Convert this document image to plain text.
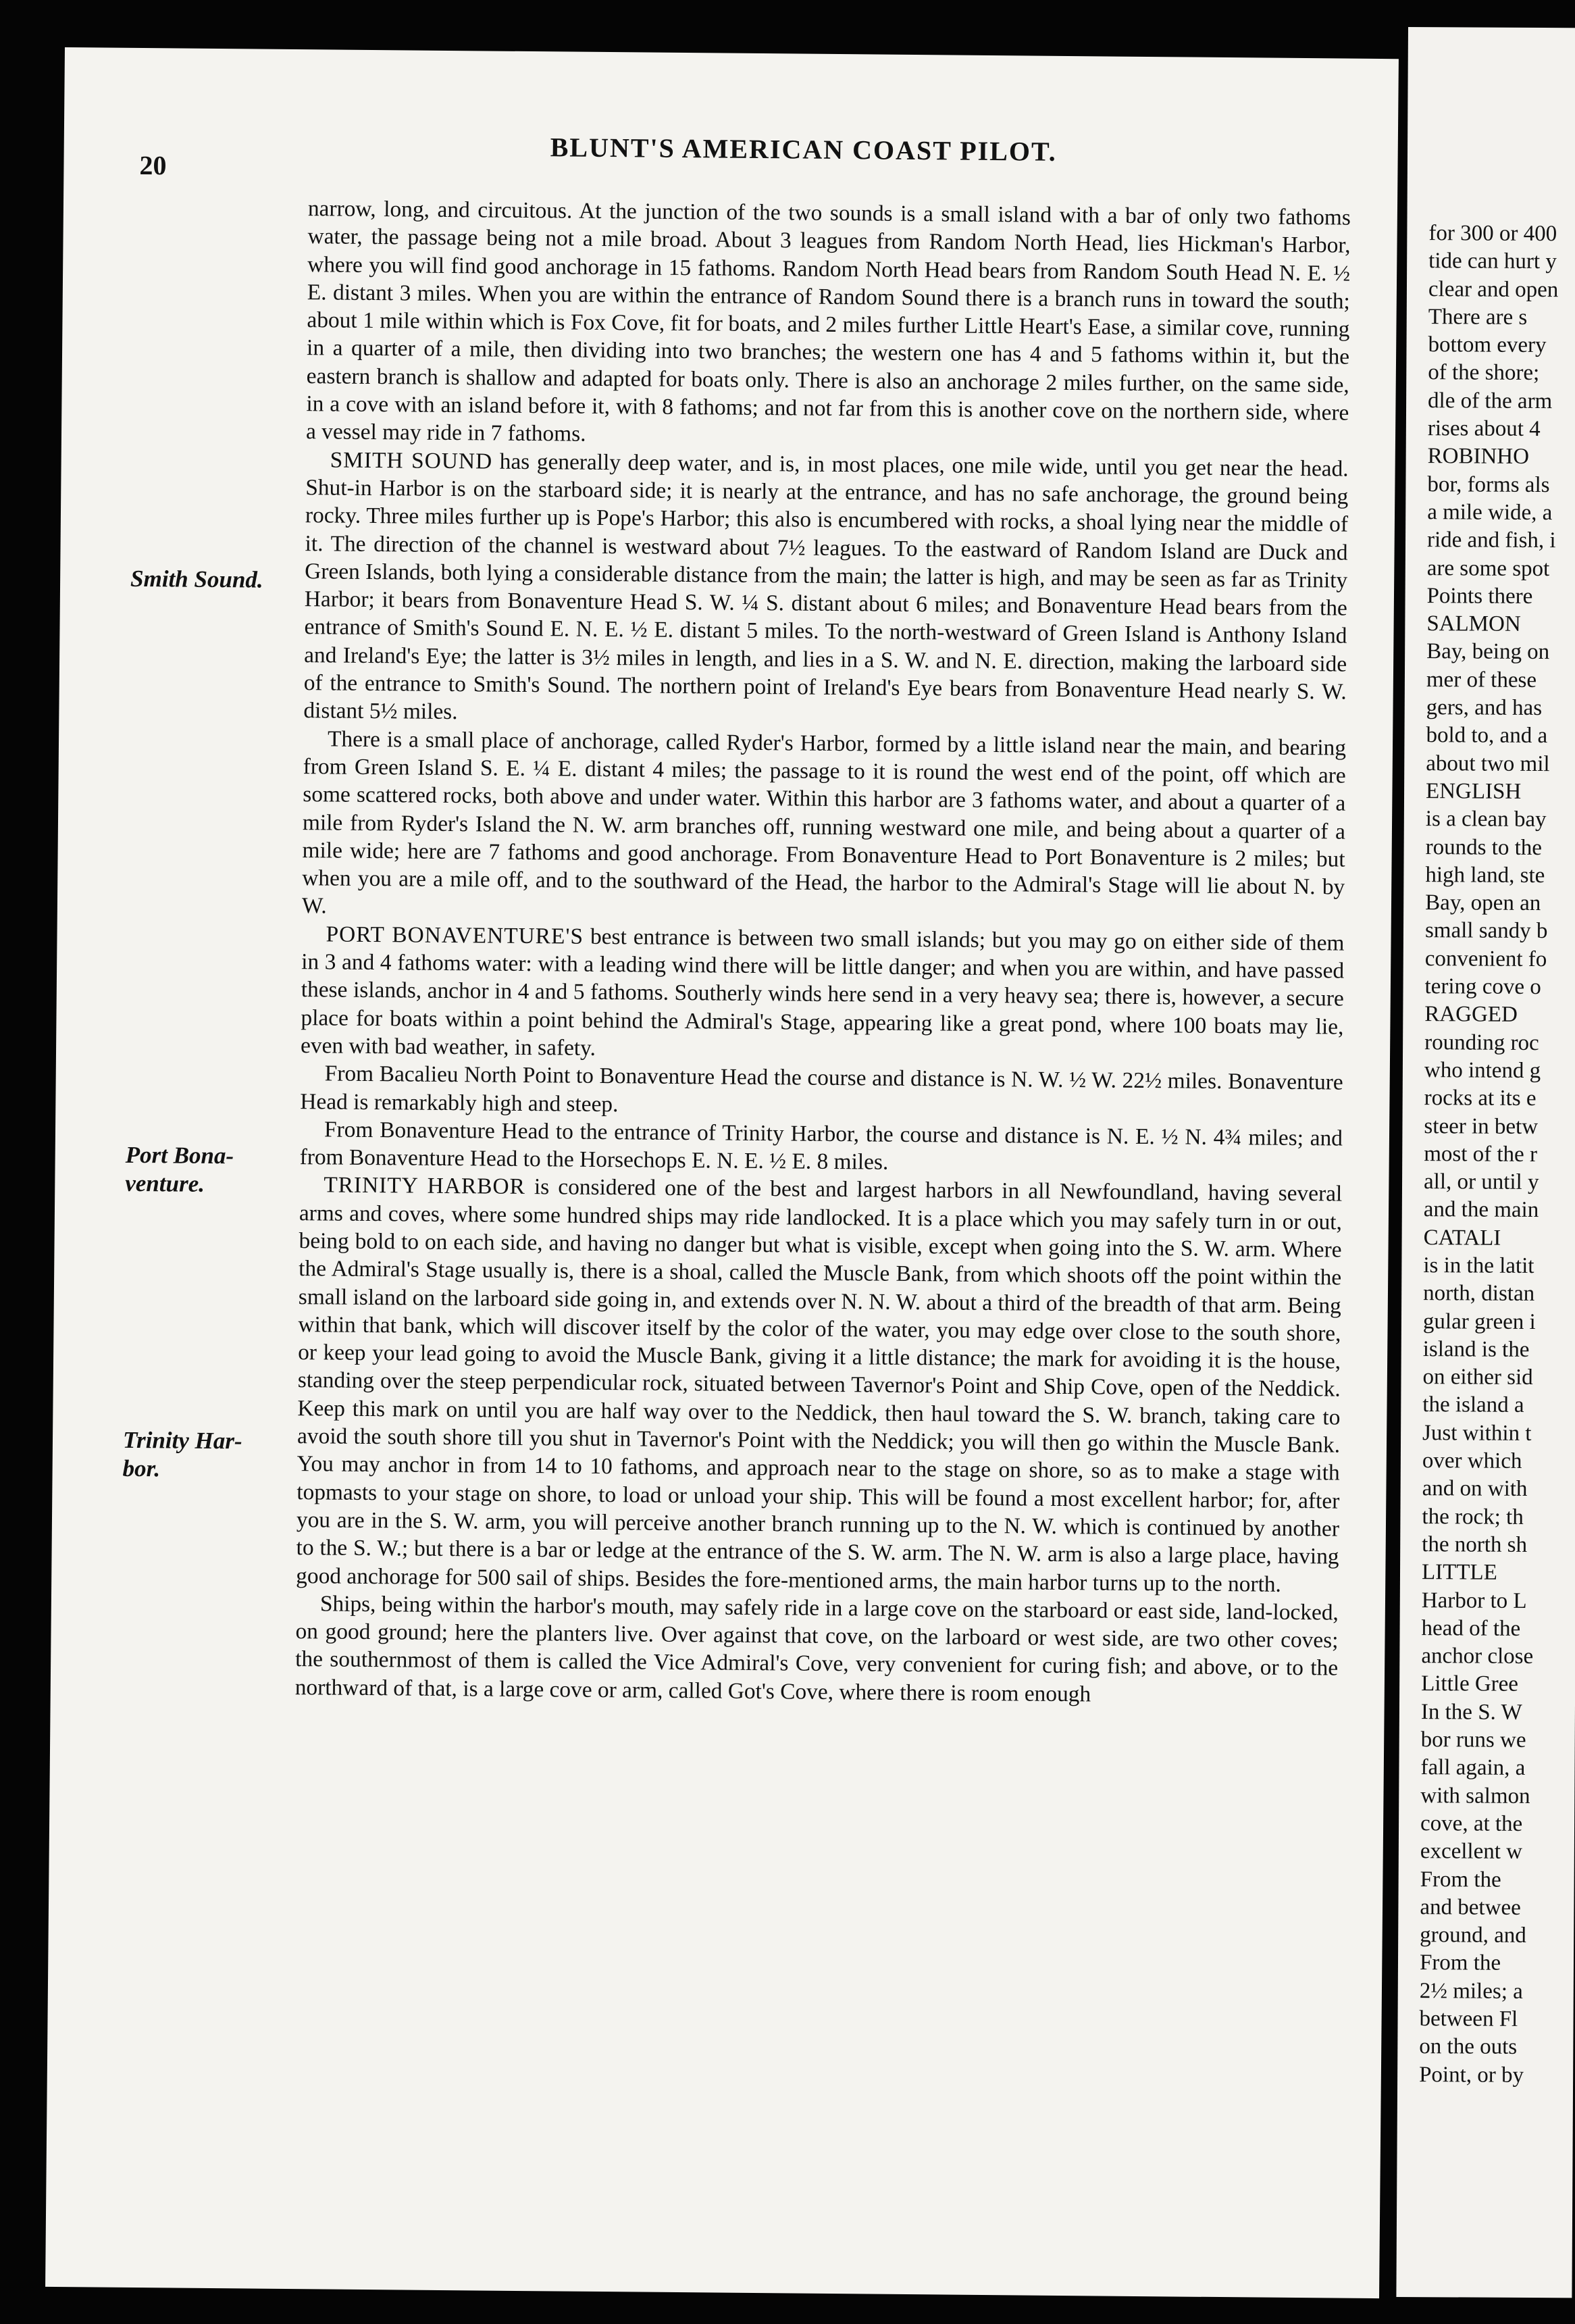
20	BLUNT'S AMERICAN COAST PILOT.
Smith Sound.
Port Bona-
venture.
Trinity Har-
bor.

narrow, long, and circuitous. At the junction of the two sounds is a small island with a bar of only two fathoms water, the passage being not a mile broad. About 3 leagues from Random North Head, lies Hickman's Harbor, where you will find good anchorage in 15 fathoms. Random North Head bears from Random South Head N. E. ½ E. distant 3 miles. When you are within the entrance of Random Sound there is a branch runs in toward the south; about 1 mile within which is Fox Cove, fit for boats, and 2 miles further Little Heart's Ease, a similar cove, running in a quarter of a mile, then dividing into two branches; the western one has 4 and 5 fathoms within it, but the eastern branch is shallow and adapted for boats only. There is also an anchorage 2 miles further, on the same side, in a cove with an island before it, with 8 fathoms; and not far from this is another cove on the northern side, where a vessel may ride in 7 fathoms.

SMITH SOUND has generally deep water, and is, in most places, one mile wide, until you get near the head. Shut-in Harbor is on the starboard side; it is nearly at the entrance, and has no safe anchorage, the ground being rocky. Three miles further up is Pope's Harbor; this also is encumbered with rocks, a shoal lying near the middle of it. The direction of the channel is westward about 7½ leagues. To the eastward of Random Island are Duck and Green Islands, both lying a considerable distance from the main; the latter is high, and may be seen as far as Trinity Harbor; it bears from Bonaventure Head S. W. ¼ S. distant about 6 miles; and Bonaventure Head bears from the entrance of Smith's Sound E. N. E. ½ E. distant 5 miles. To the north-westward of Green Island is Anthony Island and Ireland's Eye; the latter is 3½ miles in length, and lies in a S. W. and N. E. direction, making the larboard side of the entrance to Smith's Sound. The northern point of Ireland's Eye bears from Bonaventure Head nearly S. W. distant 5½ miles.

There is a small place of anchorage, called Ryder's Harbor, formed by a little island near the main, and bearing from Green Island S. E. ¼ E. distant 4 miles; the passage to it is round the west end of the point, off which are some scattered rocks, both above and under water. Within this harbor are 3 fathoms water, and about a quarter of a mile from Ryder's Island the N. W. arm branches off, running westward one mile, and being about a quarter of a mile wide; here are 7 fathoms and good anchorage. From Bonaventure Head to Port Bonaventure is 2 miles; but when you are a mile off, and to the southward of the Head, the harbor to the Admiral's Stage will lie about N. by W.

PORT BONAVENTURE'S best entrance is between two small islands; but you may go on either side of them in 3 and 4 fathoms water: with a leading wind there will be little danger; and when you are within, and have passed these islands, anchor in 4 and 5 fathoms. Southerly winds here send in a very heavy sea; there is, however, a secure place for boats within a point behind the Admiral's Stage, appearing like a great pond, where 100 boats may lie, even with bad weather, in safety.

From Bacalieu North Point to Bonaventure Head the course and distance is N. W. ½ W. 22½ miles. Bonaventure Head is remarkably high and steep.

From Bonaventure Head to the entrance of Trinity Harbor, the course and distance is N. E. ½ N. 4¾ miles; and from Bonaventure Head to the Horsechops E. N. E. ½ E. 8 miles.

TRINITY HARBOR is considered one of the best and largest harbors in all Newfoundland, having several arms and coves, where some hundred ships may ride landlocked. It is a place which you may safely turn in or out, being bold to on each side, and having no danger but what is visible, except when going into the S. W. arm. Where the Admiral's Stage usually is, there is a shoal, called the Muscle Bank, from which shoots off the point within the small island on the larboard side going in, and extends over N. N. W. about a third of the breadth of that arm. Being within that bank, which will discover itself by the color of the water, you may edge over close to the south shore, or keep your lead going to avoid the Muscle Bank, giving it a little distance; the mark for avoiding it is the house, standing over the steep perpendicular rock, situated between Tavernor's Point and Ship Cove, open of the Neddick. Keep this mark on until you are half way over to the Neddick, then haul toward the S. W. branch, taking care to avoid the south shore till you shut in Tavernor's Point with the Neddick; you will then go within the Muscle Bank. You may anchor in from 14 to 10 fathoms, and approach near to the stage on shore, so as to make a stage with topmasts to your stage on shore, to load or unload your ship. This will be found a most excellent harbor; for, after you are in the S. W. arm, you will perceive another branch running up to the N. W. which is continued by another to the S. W.; but there is a bar or ledge at the entrance of the S. W. arm. The N. W. arm is also a large place, having good anchorage for 500 sail of ships. Besides the fore-mentioned arms, the main harbor turns up to the north.

Ships, being within the harbor's mouth, may safely ride in a large cove on the starboard or east side, land-locked, on good ground; here the planters live. Over against that cove, on the larboard or west side, are two other coves; the southernmost of them is called the Vice Admiral's Cove, very convenient for curing fish; and above, or to the northward of that, is a large cove or arm, called Got's Cove, where there is room enough

for 300 or 400
tide can hurt y
clear and open
There are s
bottom every
of the shore;
dle of the arm
rises about 4
ROBINHO
bor, forms als
a mile wide, a
ride and fish, i
are some spot
Points there
SALMON
Bay, being on
mer of these
gers, and has
bold to, and a
about two mil
ENGLISH
is a clean bay
rounds to the
high land, ste
Bay, open an
small sandy b
convenient fo
tering cove o
RAGGED
rounding roc
who intend g
rocks at its e
steer in betw
most of the r
all, or until y
and the main
CATALI
is in the latit
north, distan
gular green i
island is the
on either sid
the island a
Just within t
over which
and on with
the rock; th
the north sh
LITTLE
Harbor to L
head of the
anchor close
Little Gree
In the S. W
bor runs we
fall again, a
with salmon
cove, at the
excellent w
From the
and betwee
ground, and
From the
2½ miles; a
between Fl
on the outs
Point, or by
